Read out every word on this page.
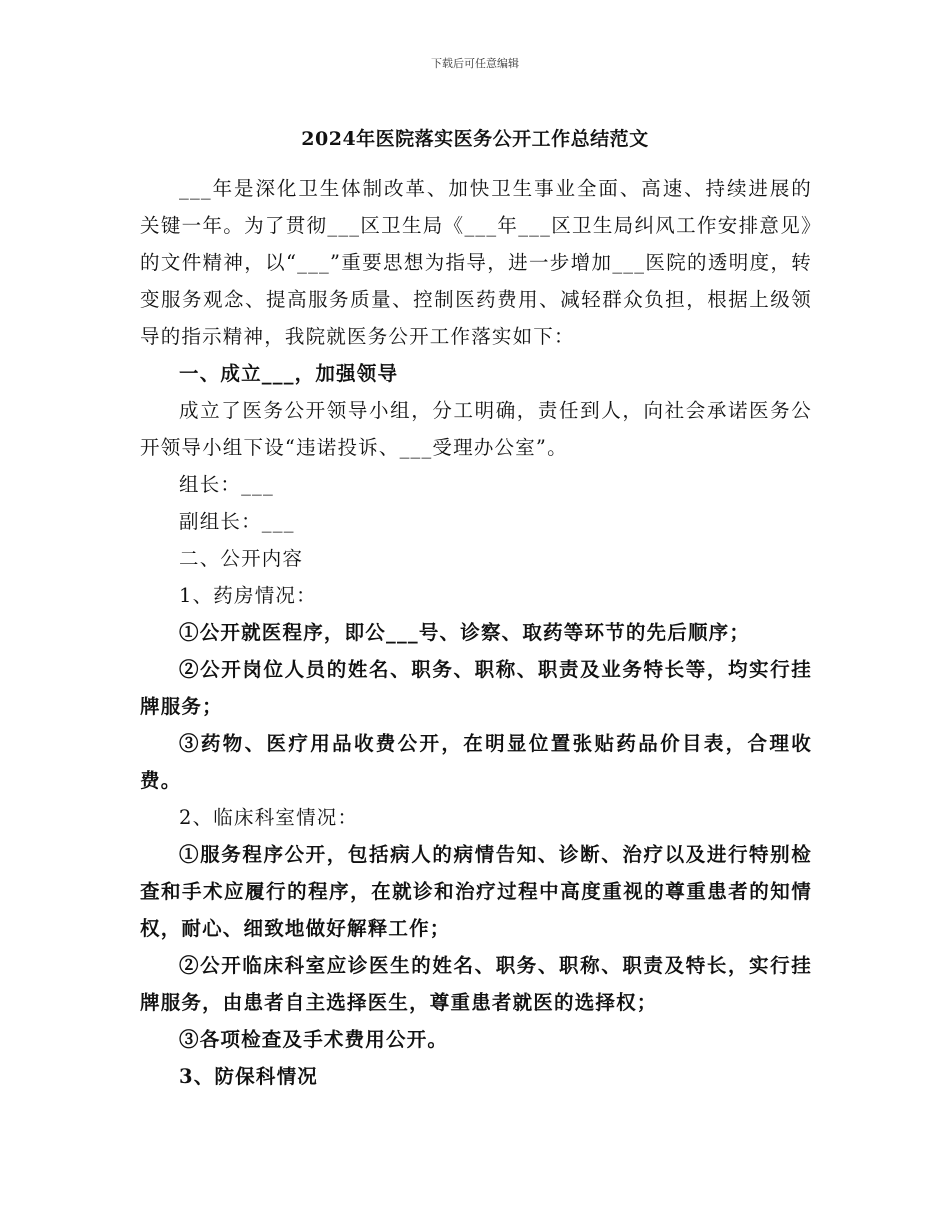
下载后可任意编辑
2024年医院落实医务公开工作总结范文

___年是深化卫生体制改革、加快卫生事业全面、高速、持续进展的关键一年。为了贯彻___区卫生局《___年___区卫生局纠风工作安排意见》的文件精神，以“___”重要思想为指导，进一步增加___医院的透明度，转变服务观念、提高服务质量、控制医药费用、减轻群众负担，根据上级领导的指示精神，我院就医务公开工作落实如下：

一、成立___，加强领导

成立了医务公开领导小组，分工明确，责任到人，向社会承诺医务公开领导小组下设“违诺投诉、___受理办公室”。

组长：___

副组长：___

二、公开内容

1、药房情况：

①公开就医程序，即公___号、诊察、取药等环节的先后顺序；

②公开岗位人员的姓名、职务、职称、职责及业务特长等，均实行挂牌服务；

③药物、医疗用品收费公开，在明显位置张贴药品价目表，合理收费。

2、临床科室情况：

①服务程序公开，包括病人的病情告知、诊断、治疗以及进行特别检查和手术应履行的程序，在就诊和治疗过程中高度重视的尊重患者的知情权，耐心、细致地做好解释工作；

②公开临床科室应诊医生的姓名、职务、职称、职责及特长，实行挂牌服务，由患者自主选择医生，尊重患者就医的选择权；

③各项检查及手术费用公开。

3、防保科情况
